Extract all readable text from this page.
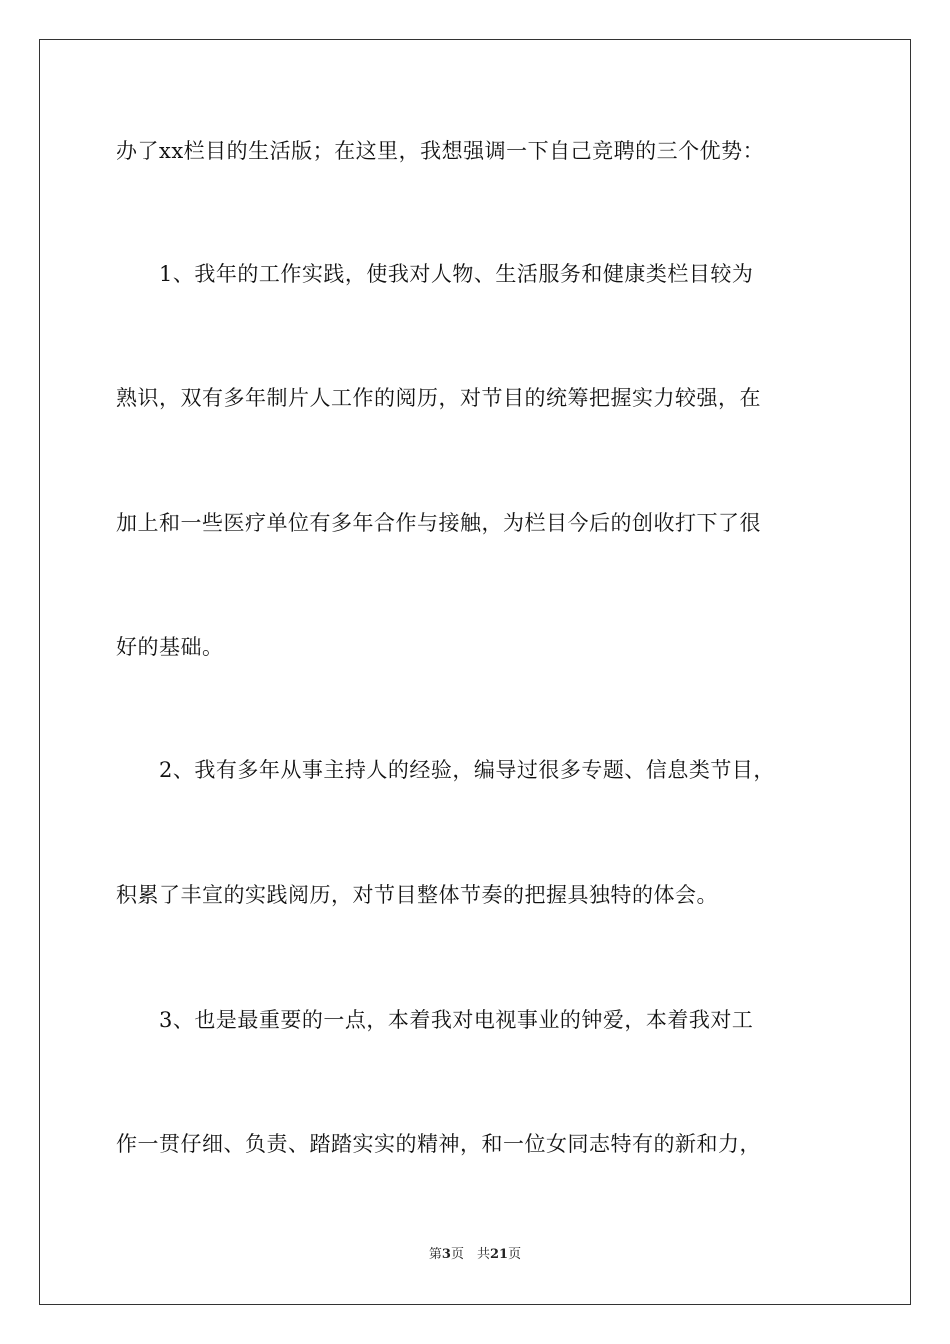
办了xx栏目的生活版；在这里，我想强调一下自己竞聘的三个优势：
　　1、我年的工作实践，使我对人物、生活服务和健康类栏目较为
熟识，双有多年制片人工作的阅历，对节目的统筹把握实力较强，在
加上和一些医疗单位有多年合作与接触，为栏目今后的创收打下了很
好的基础。
　　2、我有多年从事主持人的经验，编导过很多专题、信息类节目，
积累了丰宣的实践阅历，对节目整体节奏的把握具独特的体会。
　　3、也是最重要的一点，本着我对电视事业的钟爱，本着我对工
作一贯仔细、负责、踏踏实实的精神，和一位女同志特有的新和力，
第3页　 共21页
